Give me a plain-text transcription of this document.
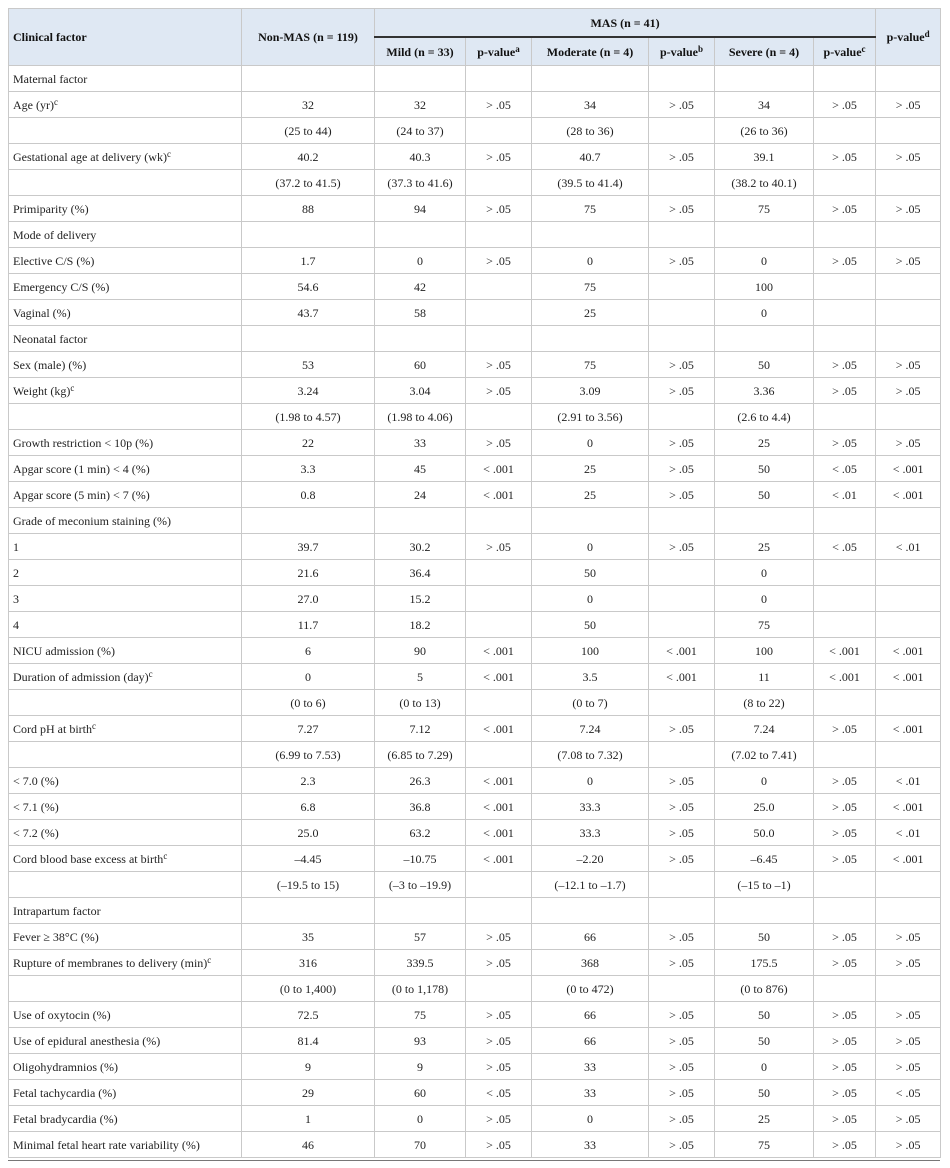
Clinical factor	Non-MAS (n = 119)	MAS (n = 41)						p-value$^d$
		Mild (n = 33)	p-value$^a$	Moderate (n = 4)	p-value$^b$	Severe (n = 4)	p-value$^c$
Maternal factor								
Age (yr)$^c$	32	32	> .05	34	> .05	34	> .05	> .05
	(25 to 44)	(24 to 37)		(28 to 36)		(26 to 36)		
Gestational age at delivery (wk)$^c$	40.2	40.3	> .05	40.7	> .05	39.1	> .05	> .05
	(37.2 to 41.5)	(37.3 to 41.6)		(39.5 to 41.4)		(38.2 to 40.1)		
Primiparity (%)	88	94	> .05	75	> .05	75	> .05	> .05
Mode of delivery								
Elective C/S (%)	1.7	0	> .05	0	> .05	0	> .05	> .05
Emergency C/S (%)	54.6	42		75		100		
Vaginal (%)	43.7	58		25		0		
Neonatal factor								
Sex (male) (%)	53	60	> .05	75	> .05	50	> .05	> .05
Weight (kg)$^c$	3.24	3.04	> .05	3.09	> .05	3.36	> .05	> .05
	(1.98 to 4.57)	(1.98 to 4.06)		(2.91 to 3.56)		(2.6 to 4.4)		
Growth restriction < 10p (%)	22	33	> .05	0	> .05	25	> .05	> .05
Apgar score (1 min) < 4 (%)	3.3	45	< .001	25	> .05	50	< .05	< .001
Apgar score (5 min) < 7 (%)	0.8	24	< .001	25	> .05	50	< .01	< .001
Grade of meconium staining (%)								
1	39.7	30.2	> .05	0	> .05	25	< .05	< .01
2	21.6	36.4		50		0		
3	27.0	15.2		0		0		
4	11.7	18.2		50		75		
NICU admission (%)	6	90	< .001	100	< .001	100	< .001	< .001
Duration of admission (day)$^c$	0	5	< .001	3.5	< .001	11	< .001	< .001
	(0 to 6)	(0 to 13)		(0 to 7)		(8 to 22)		
Cord pH at birth$^c$	7.27	7.12	< .001	7.24	> .05	7.24	> .05	< .001
	(6.99 to 7.53)	(6.85 to 7.29)		(7.08 to 7.32)		(7.02 to 7.41)		
< 7.0 (%)	2.3	26.3	< .001	0	> .05	0	> .05	< .01
< 7.1 (%)	6.8	36.8	< .001	33.3	> .05	25.0	> .05	< .001
< 7.2 (%)	25.0	63.2	< .001	33.3	> .05	50.0	> .05	< .01
Cord blood base excess at birth$^c$	–4.45	–10.75	< .001	–2.20	> .05	–6.45	> .05	< .001
	(–19.5 to 15)	(–3 to –19.9)		(–12.1 to –1.7)		(–15 to –1)		
Intrapartum factor								
Fever ≥ 38°C (%)	35	57	> .05	66	> .05	50	> .05	> .05
Rupture of membranes to delivery $(\min)^c$	316	339.5	> .05	368	> .05	175.5	> .05	> .05
	(0 to 1,400)	(0 to 1,178)		(0 to 472)		(0 to 876)		
Use of oxytocin (%)	72.5	75	> .05	66	> .05	50	> .05	> .05
Use of epidural anesthesia (%)	81.4	93	> .05	66	> .05	50	> .05	> .05
Oligohydramnios (%)	9	9	> .05	33	> .05	0	> .05	> .05
Fetal tachycardia (%)	29	60	< .05	33	> .05	50	> .05	< .05
Fetal bradycardia (%)	1	0	> .05	0	> .05	25	> .05	> .05
Minimal fetal heart rate variability (%)	46	70	> .05	33	> .05	75	> .05	> .05
